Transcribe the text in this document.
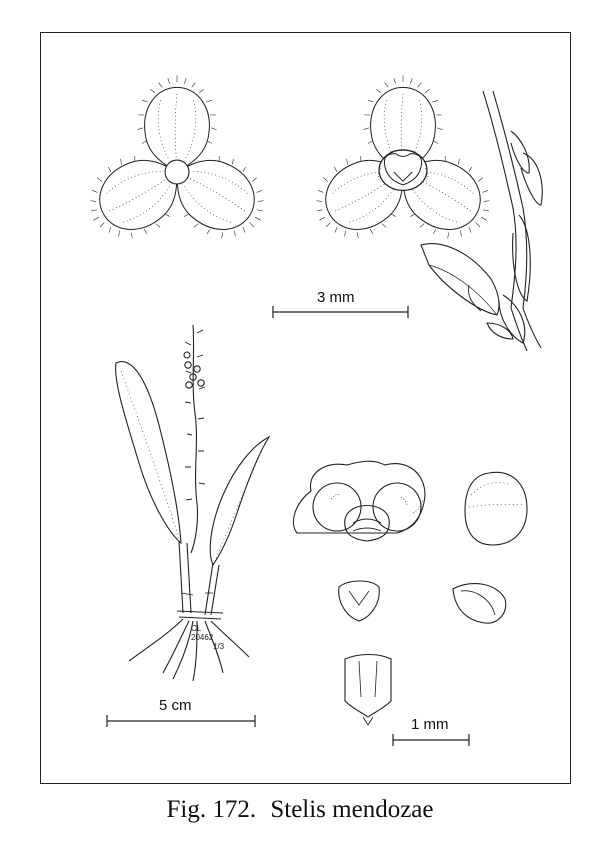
CL
20462
1/3
3 mm
5 cm
1 mm
Fig. 172. Stelis mendozae
